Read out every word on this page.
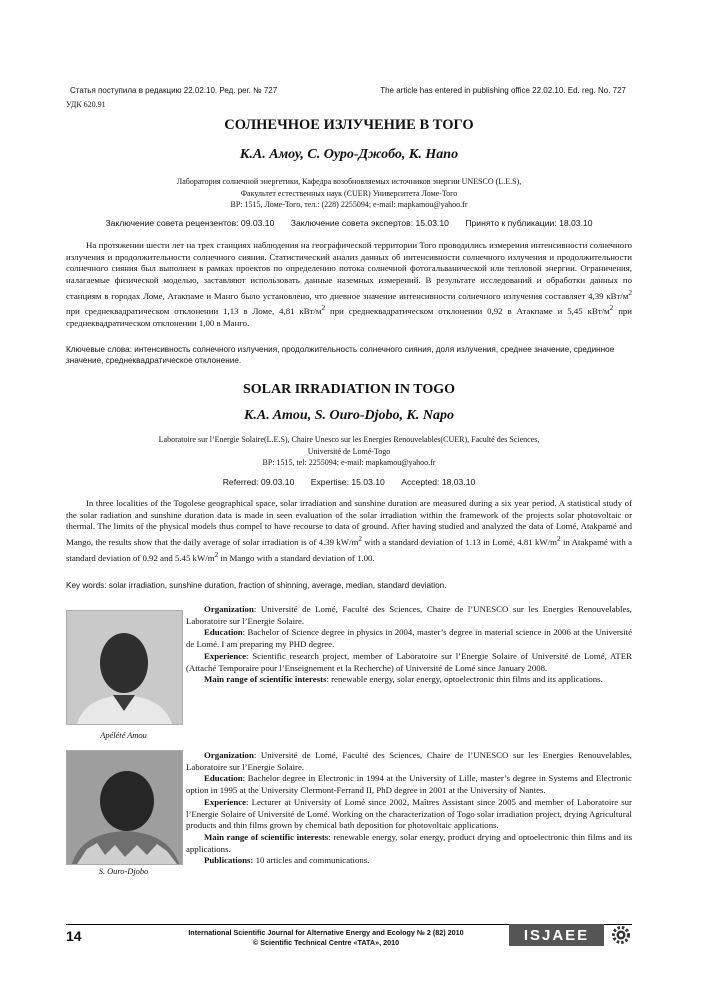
Статья поступила в редакцию 22.02.10. Ред. рег. № 727	The article has entered in publishing office 22.02.10. Ed. reg. No. 727
УДК 620.91
СОЛНЕЧНОЕ ИЗЛУЧЕНИЕ В ТОГО
К.А. Амоу, С. Оуро-Джобо, К. Напо
Лаборатория солнечной энергетики, Кафедра возобновляемых источников энергии UNESCO (L.E.S),
Факультет естественных наук (CUER) Университета Ломе-Того
BP: 1515, Ломе-Того, тел.: (228) 2255094; e-mail: mapkamou@yahoo.fr
Заключение совета рецензентов: 09.03.10 Заключение совета экспертов: 15.03.10 Принято к публикации: 18.03.10

На протяжении шести лет на трех станциях наблюдения на географической территории Того проводились измерения интенсивности солнечного излучения и продолжительности солнечного сияния. Статистический анализ данных об интенсивности солнечного излучения и продолжительности солнечного сияния был выполнен в рамках проектов по определению потока солнечной фотогальванической или тепловой энергии. Ограничения, налагаемые физической моделью, заставляют использовать данные наземных измерений. В результате исследований и обработки данных по станциям в городах Ломе, Атакпаме и Манго было установлено, что дневное значение интенсивности солнечного излучения составляет 4,39 кВт/$м^2$ при среднеквадратическом отклонении 1,13 в Ломе, 4,81 кВт/$м^2$ при среднеквадратическом отклонении 0,92 в Атакпаме и 5,45 кВт/$м^2$ при среднеквадратическом отклонении 1,00 в Манго.

Ключевые слова: интенсивность солнечного излучения, продолжительность солнечного сияния, доля излучения, среднее значение, срединное значение, среднеквадратическое отклонение.
SOLAR IRRADIATION IN TOGO
K.A. Amou, S. Ouro-Djobo, K. Napo
Laboratoire sur l’Energie Solaire(L.E.S), Chaire Unesco sur les Energies Renouvelables(CUER), Faculté des Sciences,
Université de Lomé-Togo
BP: 1515, tel: 2255094; e-mail: mapkamou@yahoo.fr
Referred: 09.03.10 Expertise: 15.03.10 Accepted: 18.03.10

In three localities of the Togolese geographical space, solar irradiation and sunshine duration are measured during a six year period. A statistical study of the solar radiation and sunshine duration data is made in seen evaluation of the solar irradiation within the framework of the projects solar photovoltaic or thermal. The limits of the physical models thus compel to have recourse to data of ground. After having studied and analyzed the data of Lomé, Atakpamé and Mango, the results show that the daily average of solar irradiation is of 4.39 $kW/m^2$ with a standard deviation of 1.13 in Lomé, 4.81 $kW/m^2$ in Atakpamé with a standard deviation of 0.92 and 5.45 $kW/m^2$ in Mango with a standard deviation of 1.00.

Key words: solar irradiation, sunshine duration, fraction of shinning, average, median, standard deviation.
Apélété Amou

Organization: Université de Lomé, Faculté des Sciences, Chaire de l’UNESCO sur les Energies Renouvelables, Laboratoire sur l’Energie Solaire.

Education: Bachelor of Science degree in physics in 2004, master’s degree in material science in 2006 at the Université de Lomé. I am preparing my PHD degree.

Experience: Scientific research project, member of Laboratoire sur l’Energie Solaire of Université de Lomé, ATER (Attaché Temporaire pour l’Enseignement et la Recherche) of Université de Lomé since January 2008.

Main range of scientific interests: renewable energy, solar energy, optoelectronic thin films and its applications.

S. Ouro-Djobo

Organization: Université de Lomé, Faculté des Sciences, Chaire de l’UNESCO sur les Energies Renouvelables, Laboratoire sur l’Energie Solaire.

Education: Bachelor degree in Electronic in 1994 at the University of Lille, master’s degree in Systems and Electronic option in 1995 at the University Clermont-Ferrand II, PhD degree in 2001 at the University of Nantes.

Experience: Lecturer at University of Lomé since 2002, Maîtres Assistant since 2005 and member of Laboratoire sur l’Energie Solaire of Université de Lomé. Working on the characterization of Togo solar irradiation project, drying Agricultural products and thin films grown by chemical bath deposition for photovoltaic applications.

Main range of scientific interests: renewable energy, solar energy, product drying and optoelectronic thin films and its applications.

Publications: 10 articles and communications.

14	International Scientific Journal for Alternative Energy and Ecology № 2 (82) 2010
© Scientific Technical Centre «TATA», 2010	ISJAEE
